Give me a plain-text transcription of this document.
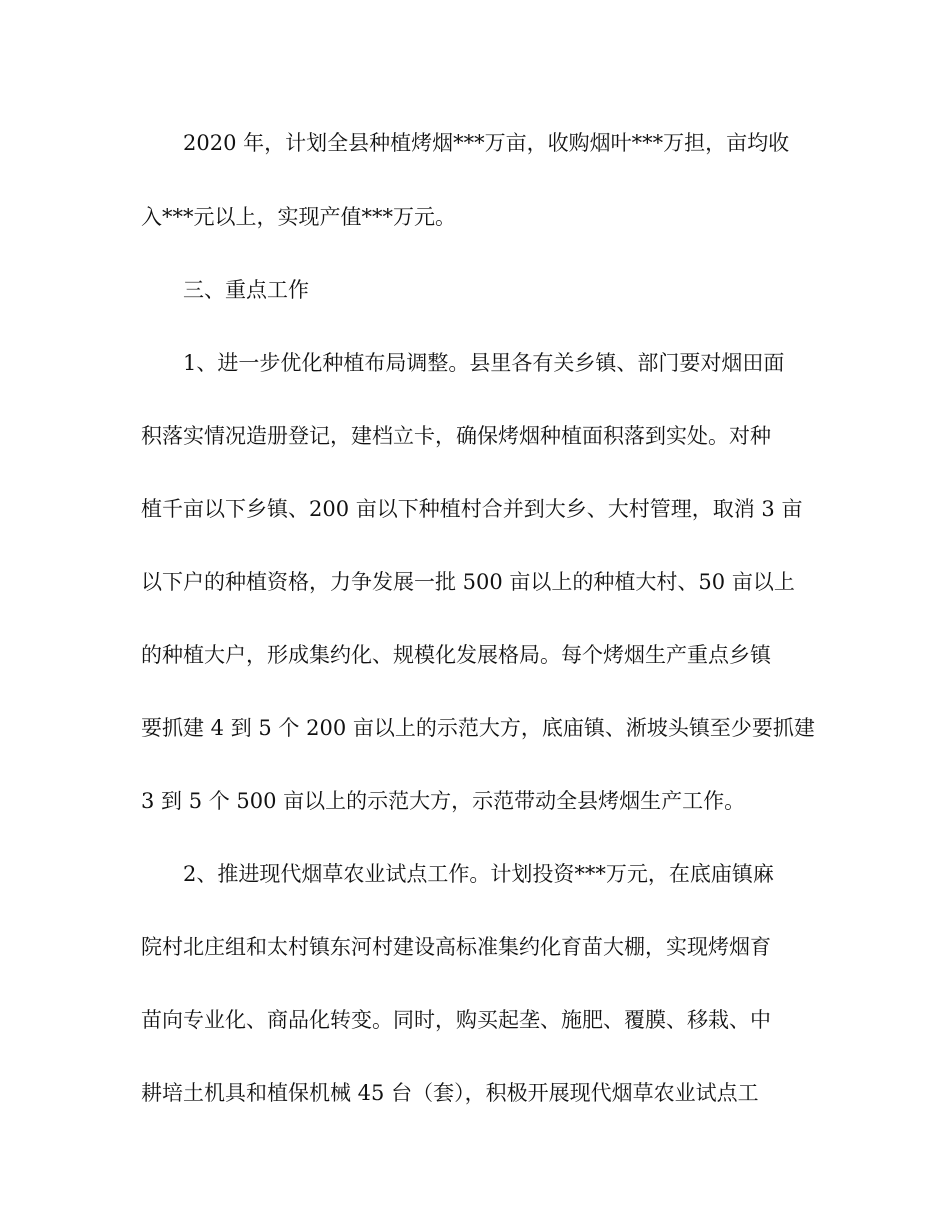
2020 年，计划全县种植烤烟***万亩，收购烟叶***万担，亩均收
入***元以上，实现产值***万元。
三、重点工作
1、进一步优化种植布局调整。县里各有关乡镇、部门要对烟田面
积落实情况造册登记，建档立卡，确保烤烟种植面积落到实处。对种
植千亩以下乡镇、200 亩以下种植村合并到大乡、大村管理，取消 3 亩
以下户的种植资格，力争发展一批 500 亩以上的种植大村、50 亩以上
的种植大户，形成集约化、规模化发展格局。每个烤烟生产重点乡镇
要抓建 4 到 5 个 200 亩以上的示范大方，底庙镇、淅坡头镇至少要抓建
3 到 5 个 500 亩以上的示范大方，示范带动全县烤烟生产工作。
2、推进现代烟草农业试点工作。计划投资***万元，在底庙镇麻
院村北庄组和太村镇东河村建设高标准集约化育苗大棚，实现烤烟育
苗向专业化、商品化转变。同时，购买起垄、施肥、覆膜、移栽、中
耕培土机具和植保机械 45 台（套），积极开展现代烟草农业试点工
